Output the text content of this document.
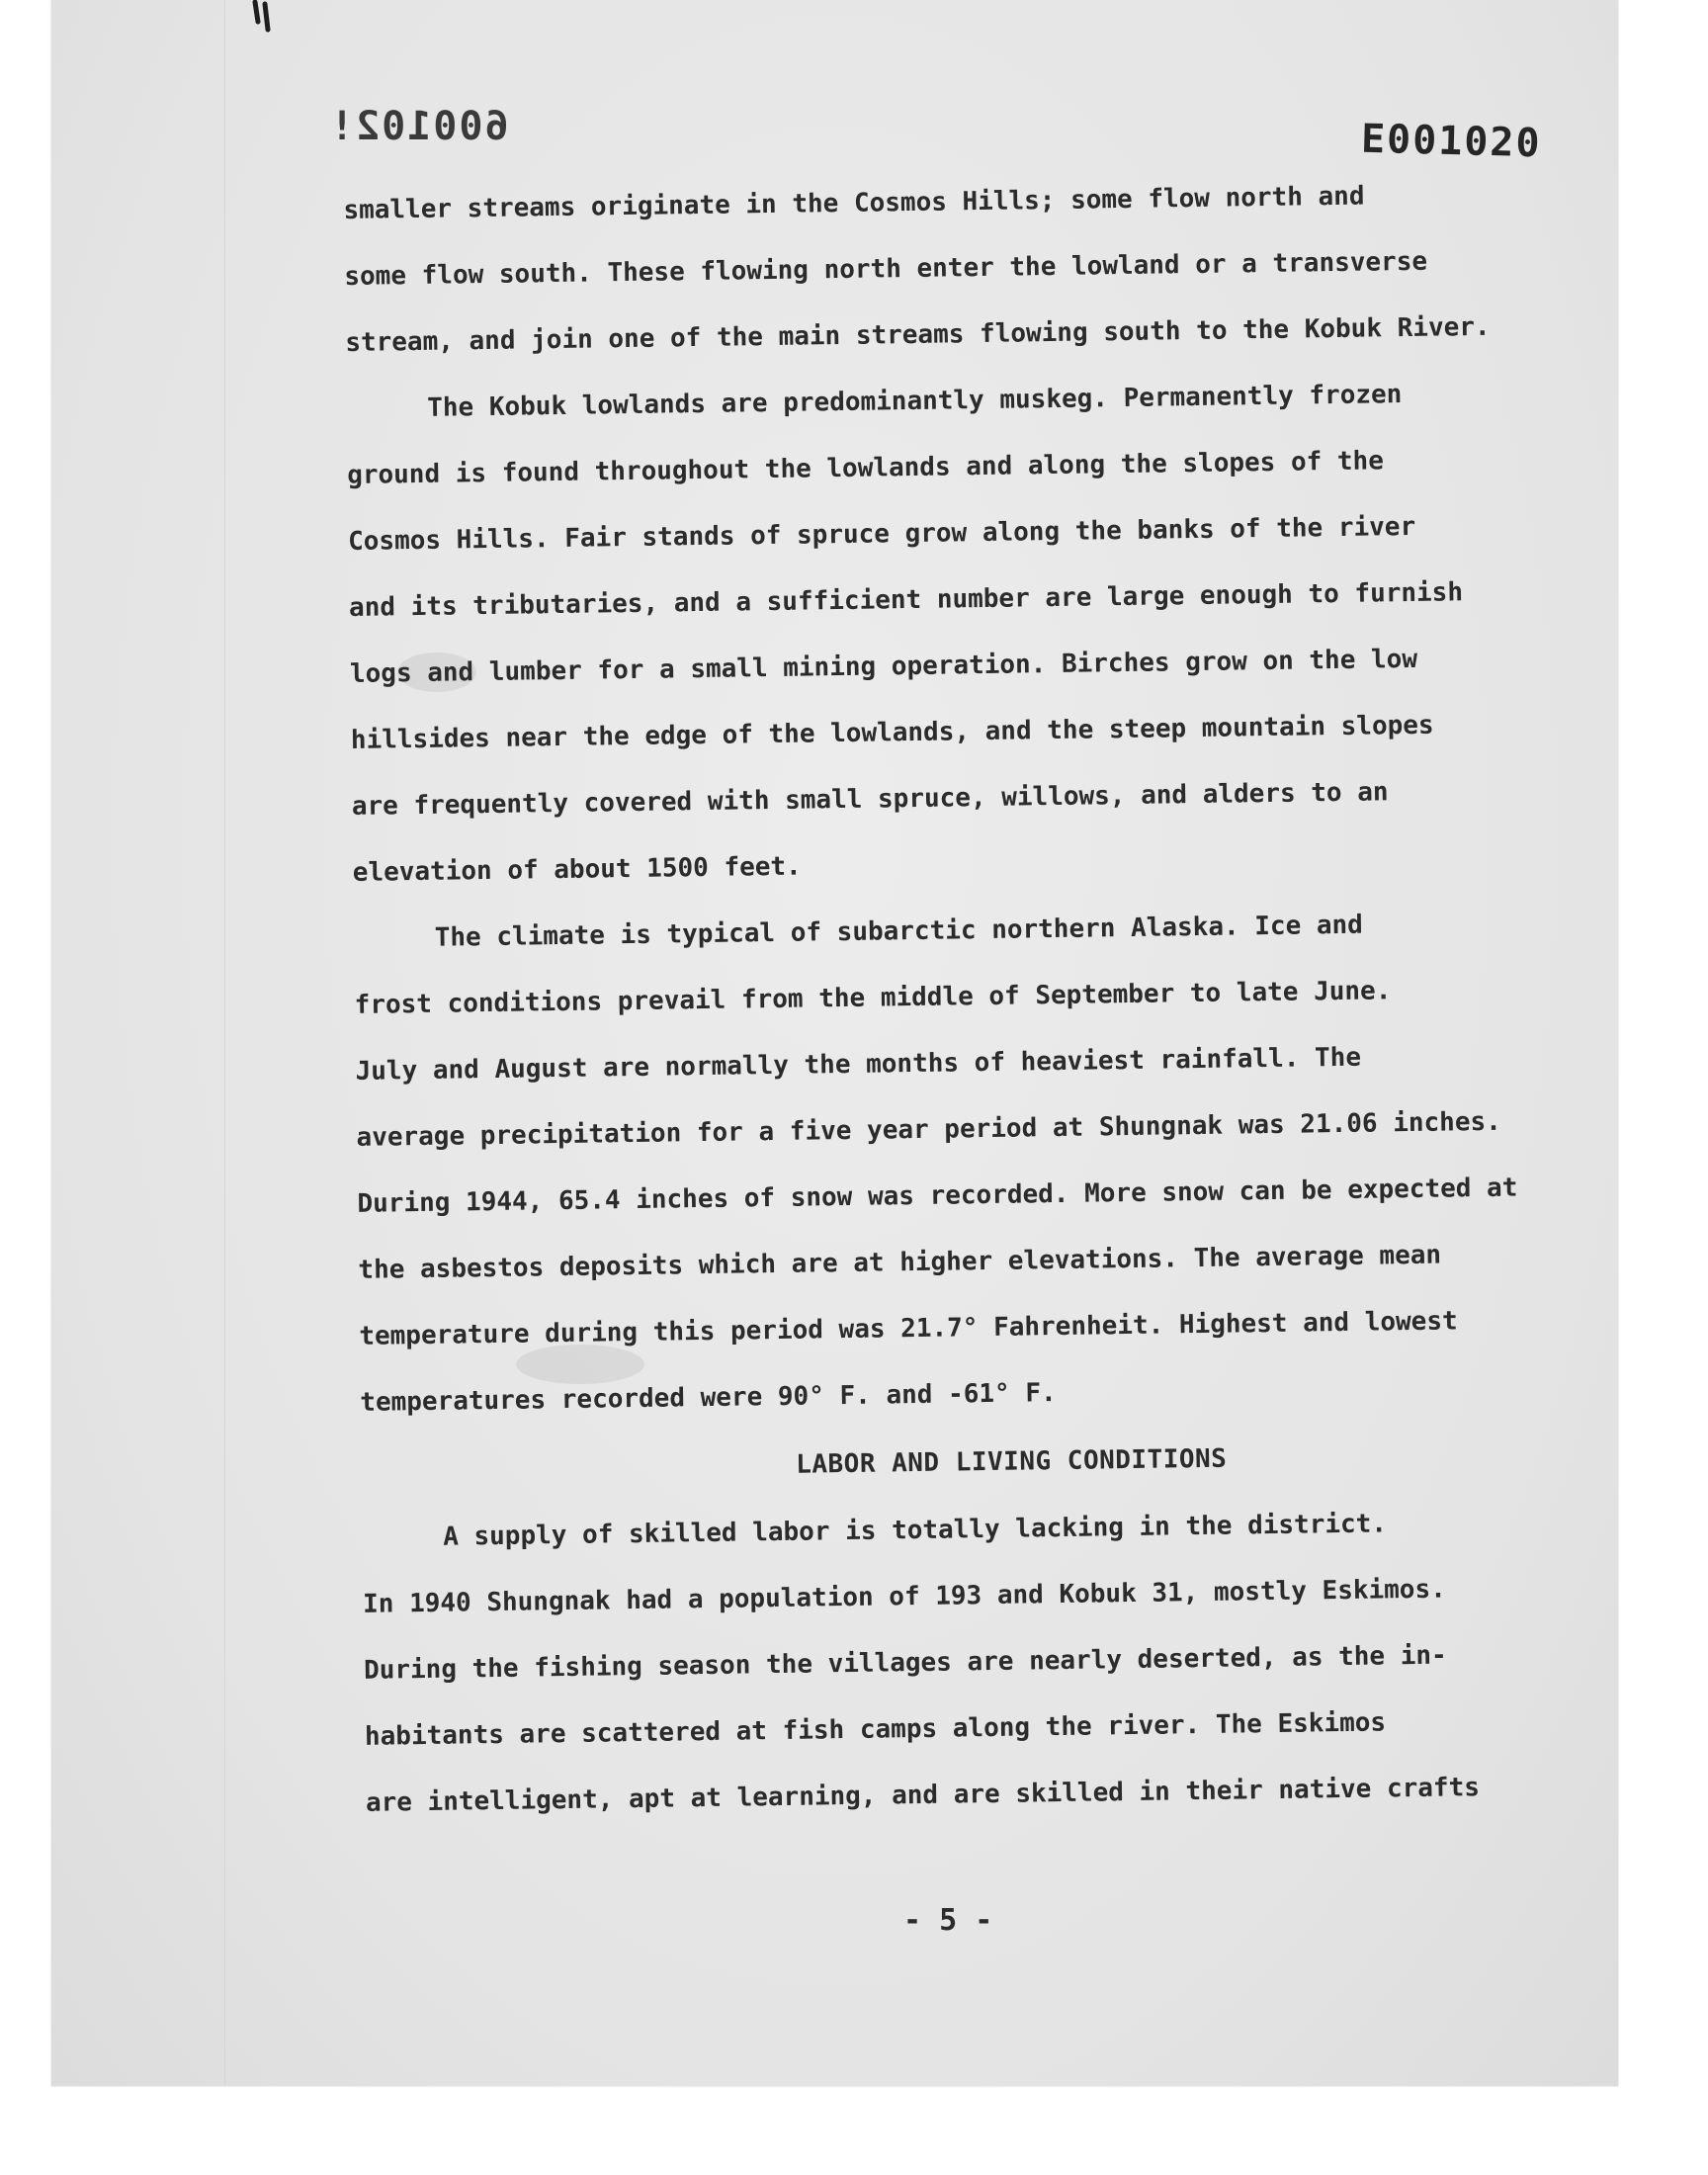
600102!	E001020
smaller streams originate in the Cosmos Hills; some flow north and
some flow south. These flowing north enter the lowland or a transverse
stream, and join one of the main streams flowing south to the Kobuk River.
The Kobuk lowlands are predominantly muskeg. Permanently frozen
ground is found throughout the lowlands and along the slopes of the
Cosmos Hills. Fair stands of spruce grow along the banks of the river
and its tributaries, and a sufficient number are large enough to furnish
logs and lumber for a small mining operation. Birches grow on the low
hillsides near the edge of the lowlands, and the steep mountain slopes
are frequently covered with small spruce, willows, and alders to an
elevation of about 1500 feet.
The climate is typical of subarctic northern Alaska. Ice and
frost conditions prevail from the middle of September to late June.
July and August are normally the months of heaviest rainfall. The
average precipitation for a five year period at Shungnak was 21.06 inches.
During 1944, 65.4 inches of snow was recorded. More snow can be expected at
the asbestos deposits which are at higher elevations. The average mean
temperature during this period was 21.7° Fahrenheit. Highest and lowest
temperatures recorded were 90° F. and -61° F.
LABOR AND LIVING CONDITIONS
A supply of skilled labor is totally lacking in the district.
In 1940 Shungnak had a population of 193 and Kobuk 31, mostly Eskimos.
During the fishing season the villages are nearly deserted, as the in-
habitants are scattered at fish camps along the river. The Eskimos
are intelligent, apt at learning, and are skilled in their native crafts
- 5 -
